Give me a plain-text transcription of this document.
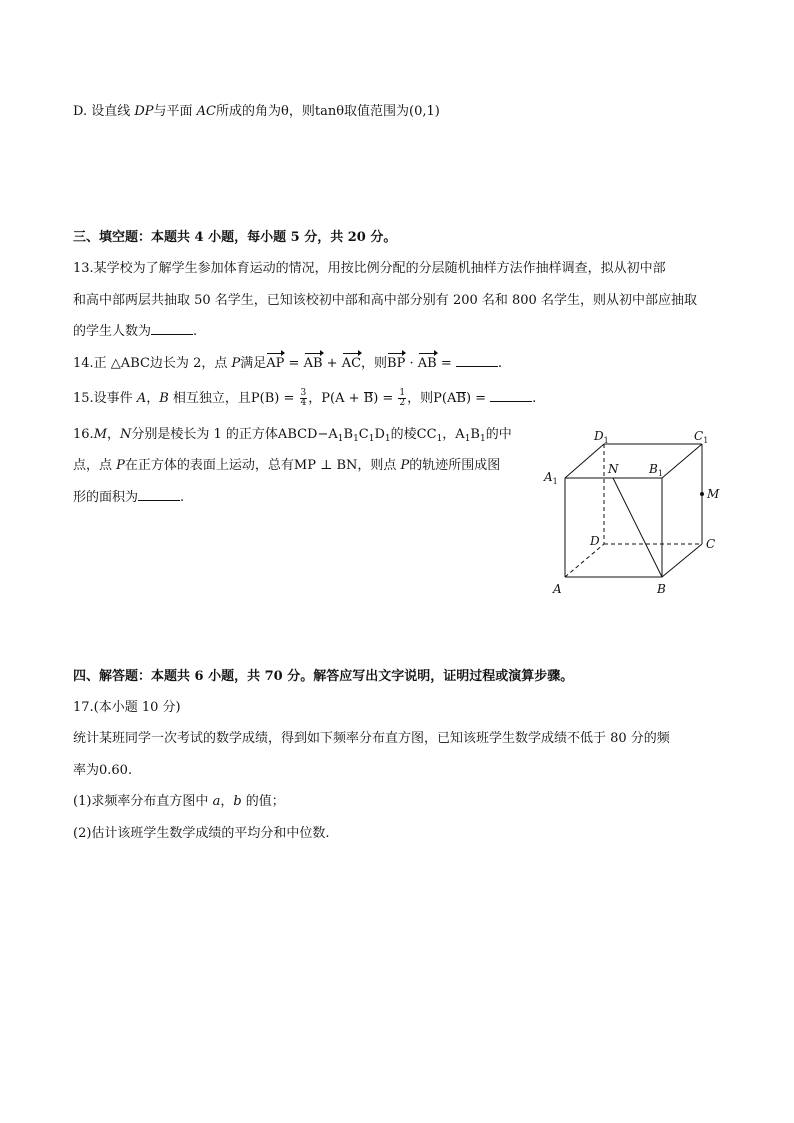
D. 设直线 DP与平面 AC所成的角为θ，则tanθ取值范围为(0,1)
三、填空题：本题共 4 小题，每小题 5 分，共 20 分。
13.某学校为了解学生参加体育运动的情况，用按比例分配的分层随机抽样方法作抽样调查，拟从初中部
和高中部两层共抽取 50 名学生，已知该校初中部和高中部分别有 200 名和 800 名学生，则从初中部应抽取
的学生人数为	.
14.正 △ABC边长为 2，点 P满足AP = AB + AC，则BP · AB =	.
15.设事件 A，B 相互独立，且$P(B) = \frac{3}{4}$ ，$P(A + B) = \frac{1}{2}$ ，则P(AB) =	.
16.M，N分别是棱长为 1 的正方体$ABCD-A_1B_1C_1D_1$的棱$CC_1$，$A_1B_1$的中
点，点 P在正方体的表面上运动，总有MP ⊥ BN，则点 P的轨迹所围成图
形的面积为	.
$D_1$	$C_1$
N	$B_1$
$A_1$
M
D	C
A	B
四、解答题：本题共 6 小题，共 70 分。解答应写出文字说明，证明过程或演算步骤。
17.(本小题 10 分)
统计某班同学一次考试的数学成绩，得到如下频率分布直方图，已知该班学生数学成绩不低于 80 分的频
率为0.60.
(1)求频率分布直方图中 a，b 的值；
(2)估计该班学生数学成绩的平均分和中位数.
